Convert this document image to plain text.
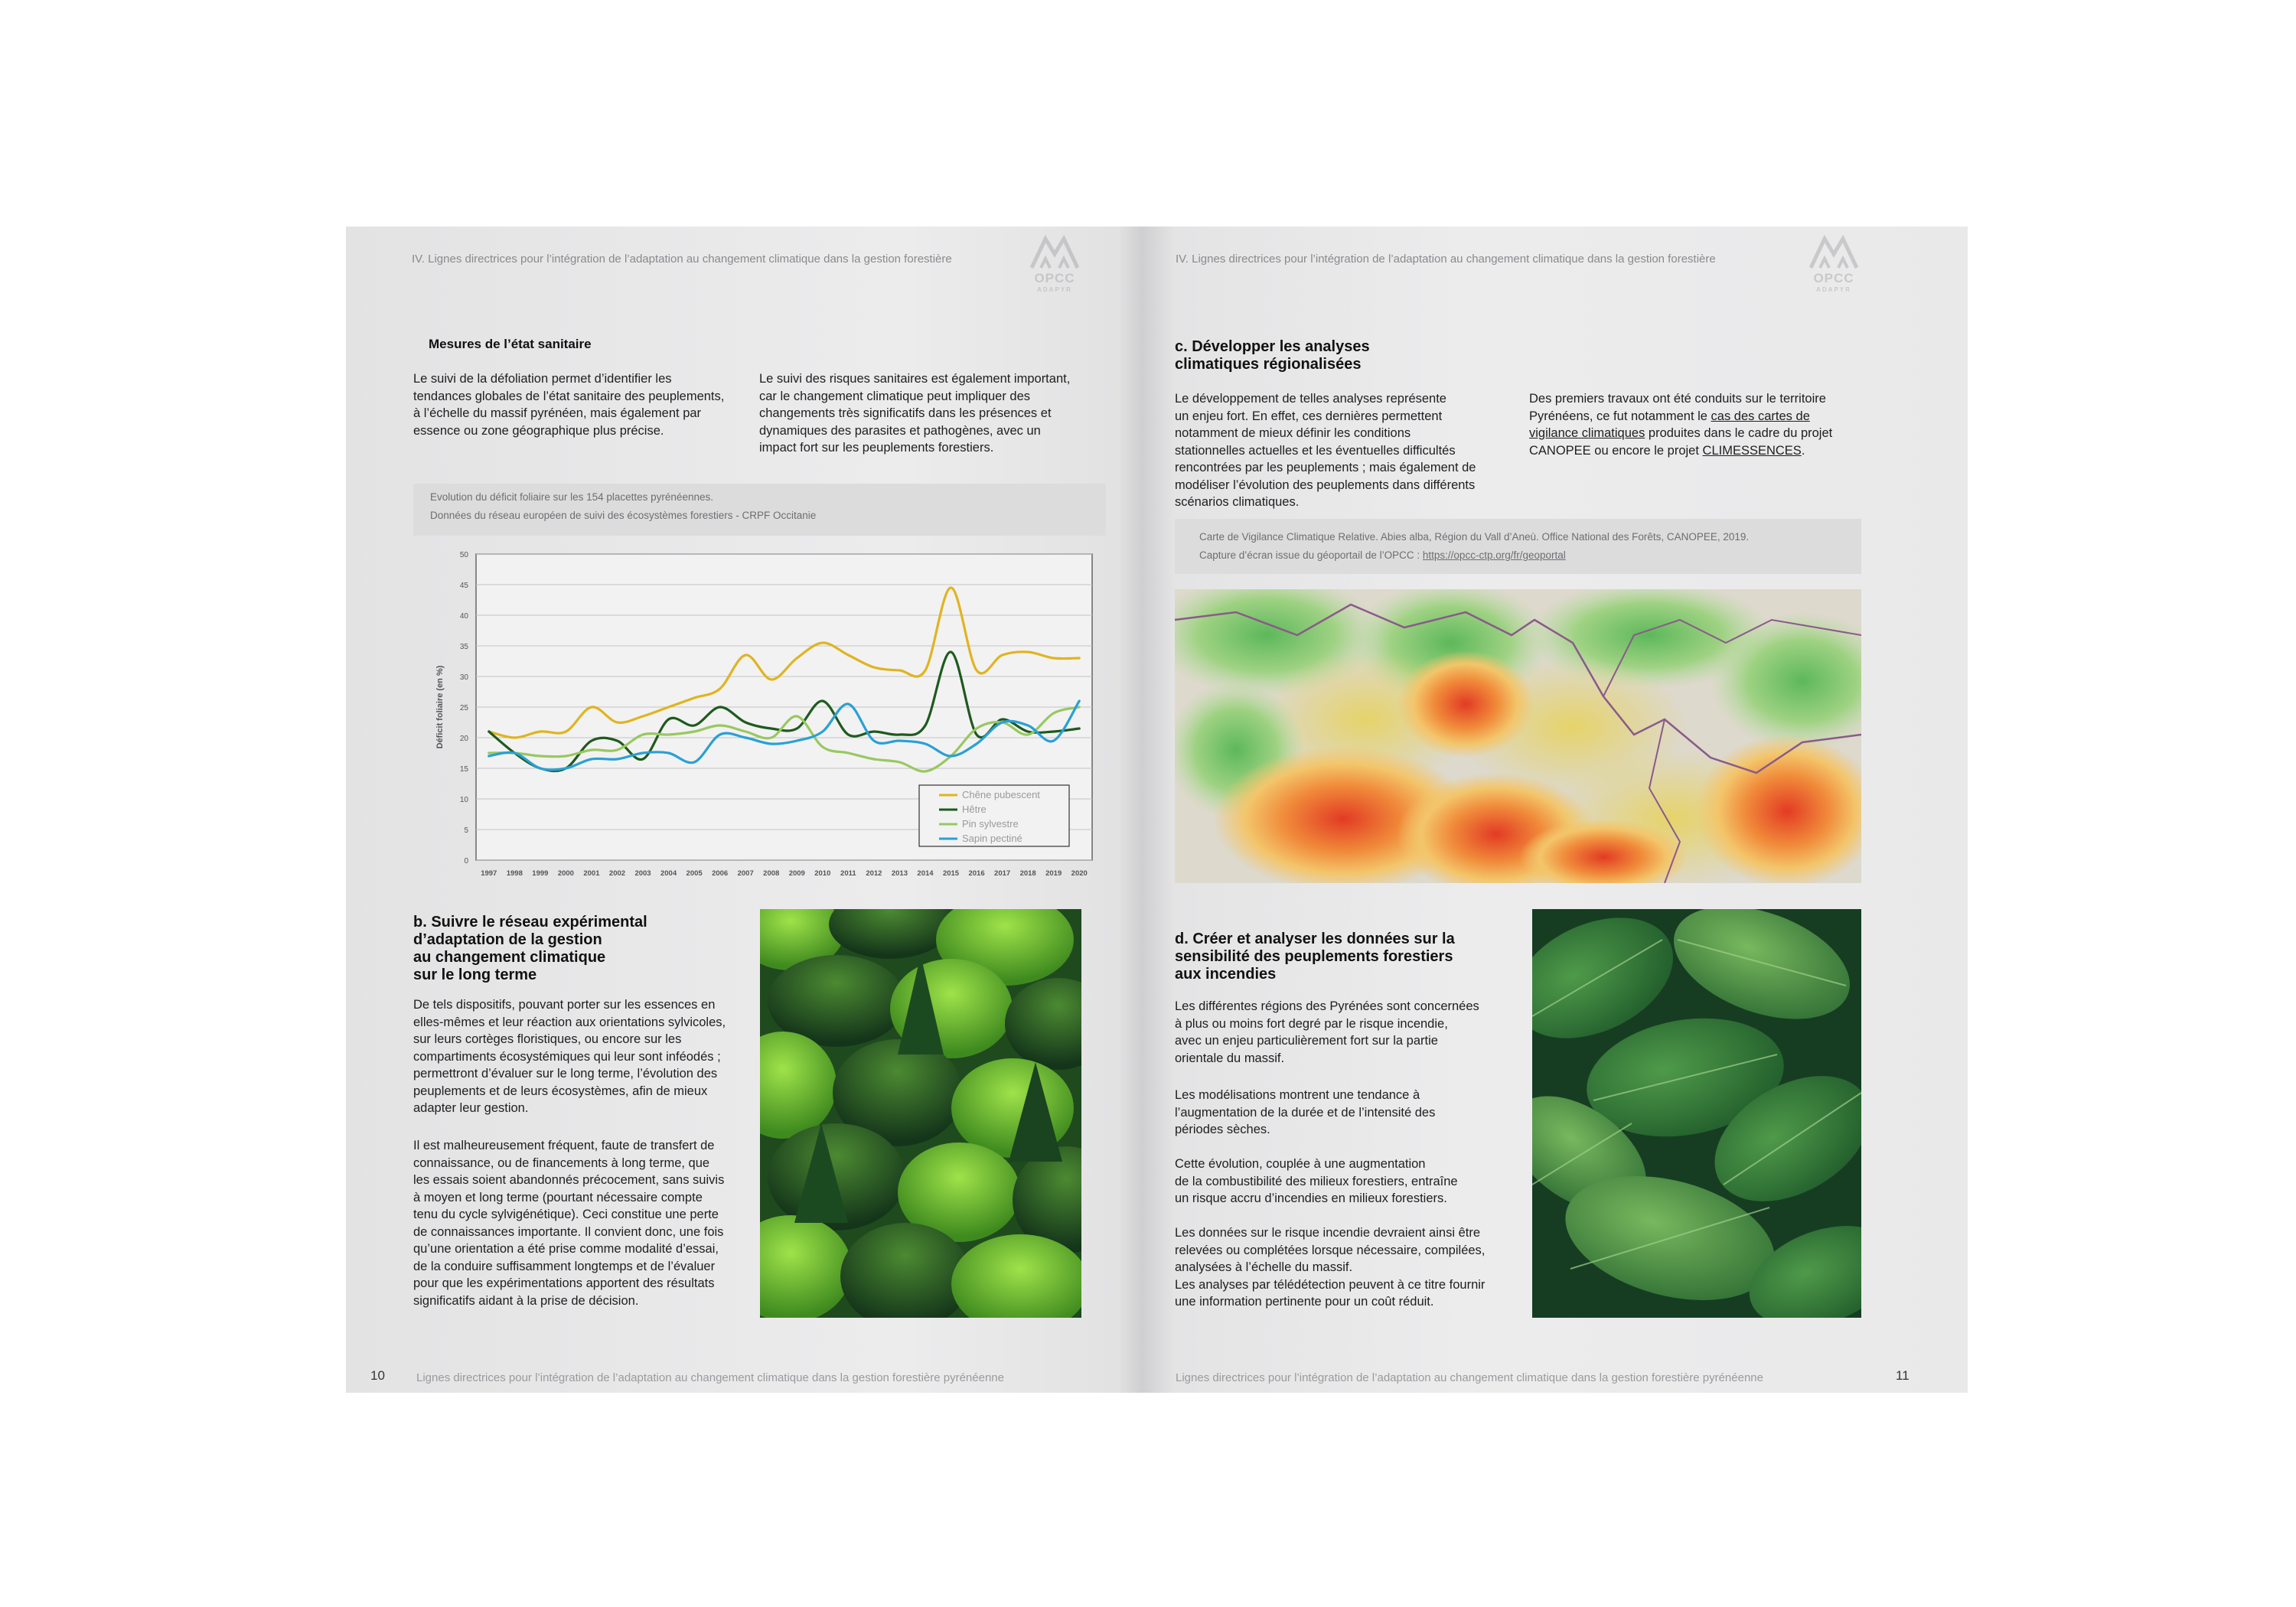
IV. Lignes directrices pour l’intégration de l’adaptation au changement climatique dans la gestion forestière
OPCC
ADAPYR
Mesures de l’état sanitaire

Le suivi de la défoliation permet d’identifier les
tendances globales de l’état sanitaire des peuplements,
à l’échelle du massif pyrénéen, mais également par
essence ou zone géographique plus précise.

Le suivi des risques sanitaires est également important,
car le changement climatique peut impliquer des
changements très significatifs dans les présences et
dynamiques des parasites et pathogènes, avec un
impact fort sur les peuplements forestiers.

Evolution du déficit foliaire sur les 154 placettes pyrénéennes.
Données du réseau européen de suivi des écosystèmes forestiers - CRPF Occitanie
0
5
10
15
20
25
30
35
40
45
50
1997 1998 1999 2000 2001 2002 2003 2004 2005 2006 2007 2008 2009 2010 2011 2012 2013 2014 2015 2016 2017 2018 2019 2020
Déficit foliaire (en %)
Chêne pubescent
Hêtre
Pin sylvestre
Sapin pectiné
b. Suivre le réseau expérimental
d’adaptation de la gestion
au changement climatique
sur le long terme

De tels dispositifs, pouvant porter sur les essences en
elles-mêmes et leur réaction aux orientations sylvicoles,
sur leurs cortèges floristiques, ou encore sur les
compartiments écosystémiques qui leur sont inféodés ;
permettront d’évaluer sur le long terme, l’évolution des
peuplements et de leurs écosystèmes, afin de mieux
adapter leur gestion.

Il est malheureusement fréquent, faute de transfert de
connaissance, ou de financements à long terme, que
les essais soient abandonnés précocement, sans suivis
à moyen et long terme (pourtant nécessaire compte
tenu du cycle sylvigénétique). Ceci constitue une perte
de connaissances importante. Il convient donc, une fois
qu’une orientation a été prise comme modalité d’essai,
de la conduire suffisamment longtemps et de l’évaluer
pour que les expérimentations apportent des résultats
significatifs aidant à la prise de décision.

10	Lignes directrices pour l’intégration de l’adaptation au changement climatique dans la gestion forestière pyrénéenne
IV. Lignes directrices pour l’intégration de l’adaptation au changement climatique dans la gestion forestière
OPCC
ADAPYR
c. Développer les analyses
climatiques régionalisées

Le développement de telles analyses représente
un enjeu fort. En effet, ces dernières permettent
notamment de mieux définir les conditions
stationnelles actuelles et les éventuelles difficultés
rencontrées par les peuplements ; mais également de
modéliser l’évolution des peuplements dans différents
scénarios climatiques.

Des premiers travaux ont été conduits sur le territoire
Pyrénéens, ce fut notamment le cas des cartes de
vigilance climatiques produites dans le cadre du projet
CANOPEE ou encore le projet CLIMESSENCES.

Carte de Vigilance Climatique Relative. Abies alba, Région du Vall d’Aneù. Office National des Forêts, CANOPEE, 2019.
Capture d’écran issue du géoportail de l’OPCC : https://opcc-ctp.org/fr/geoportal
d. Créer et analyser les données sur la
sensibilité des peuplements forestiers
aux incendies

Les différentes régions des Pyrénées sont concernées
à plus ou moins fort degré par le risque incendie,
avec un enjeu particulièrement fort sur la partie
orientale du massif.

Les modélisations montrent une tendance à
l’augmentation de la durée et de l’intensité des
périodes sèches.

Cette évolution, couplée à une augmentation
de la combustibilité des milieux forestiers, entraîne
un risque accru d’incendies en milieux forestiers.

Les données sur le risque incendie devraient ainsi être
relevées ou complétées lorsque nécessaire, compilées,
analysées à l’échelle du massif.
Les analyses par télédétection peuvent à ce titre fournir
une information pertinente pour un coût réduit.

Lignes directrices pour l’intégration de l’adaptation au changement climatique dans la gestion forestière pyrénéenne	11
